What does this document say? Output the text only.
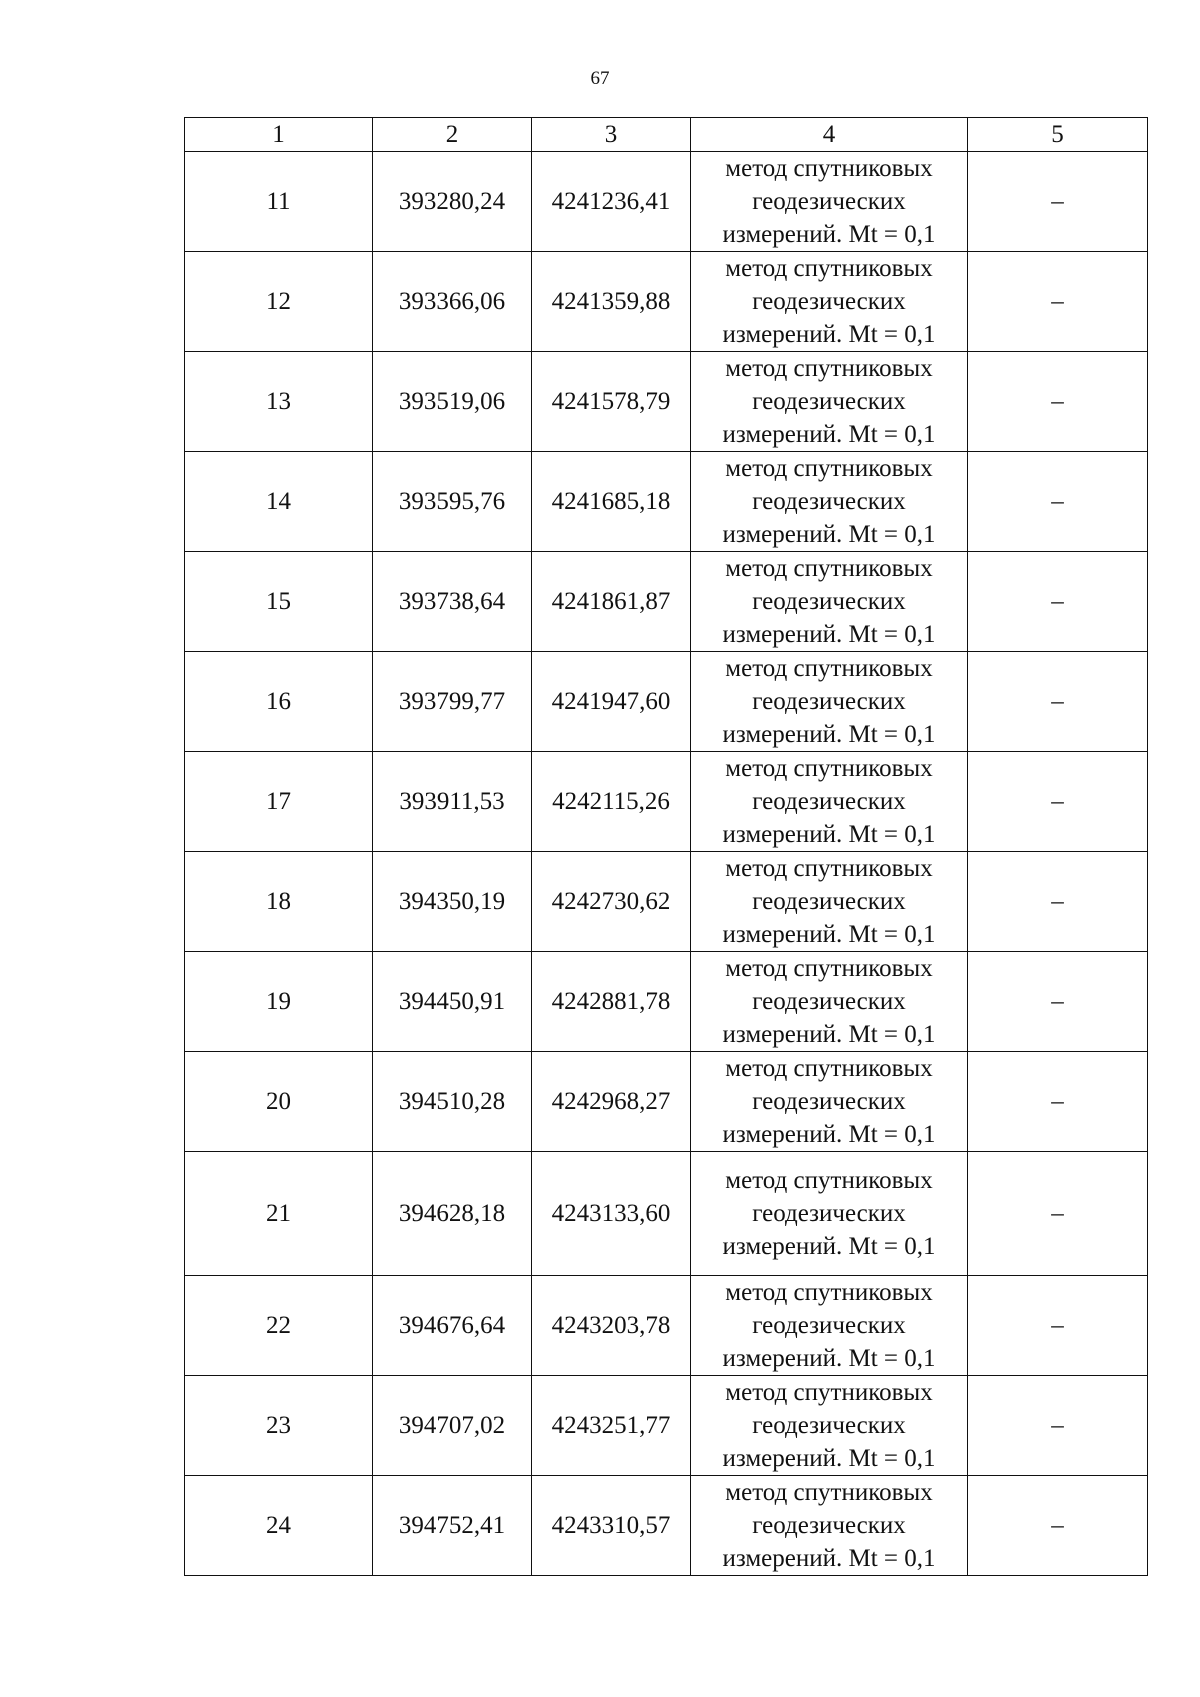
67
1	2	3	4	5
11	393280,24	4241236,41	метод спутниковых
геодезических
измерений. Mt = 0,1	–
12	393366,06	4241359,88	метод спутниковых
геодезических
измерений. Mt = 0,1	–
13	393519,06	4241578,79	метод спутниковых
геодезических
измерений. Mt = 0,1	–
14	393595,76	4241685,18	метод спутниковых
геодезических
измерений. Mt = 0,1	–
15	393738,64	4241861,87	метод спутниковых
геодезических
измерений. Mt = 0,1	–
16	393799,77	4241947,60	метод спутниковых
геодезических
измерений. Mt = 0,1	–
17	393911,53	4242115,26	метод спутниковых
геодезических
измерений. Mt = 0,1	–
18	394350,19	4242730,62	метод спутниковых
геодезических
измерений. Mt = 0,1	–
19	394450,91	4242881,78	метод спутниковых
геодезических
измерений. Mt = 0,1	–
20	394510,28	4242968,27	метод спутниковых
геодезических
измерений. Mt = 0,1	–
21	394628,18	4243133,60	метод спутниковых
геодезических
измерений. Mt = 0,1	–
22	394676,64	4243203,78	метод спутниковых
геодезических
измерений. Mt = 0,1	–
23	394707,02	4243251,77	метод спутниковых
геодезических
измерений. Mt = 0,1	–
24	394752,41	4243310,57	метод спутниковых
геодезических
измерений. Mt = 0,1	–
